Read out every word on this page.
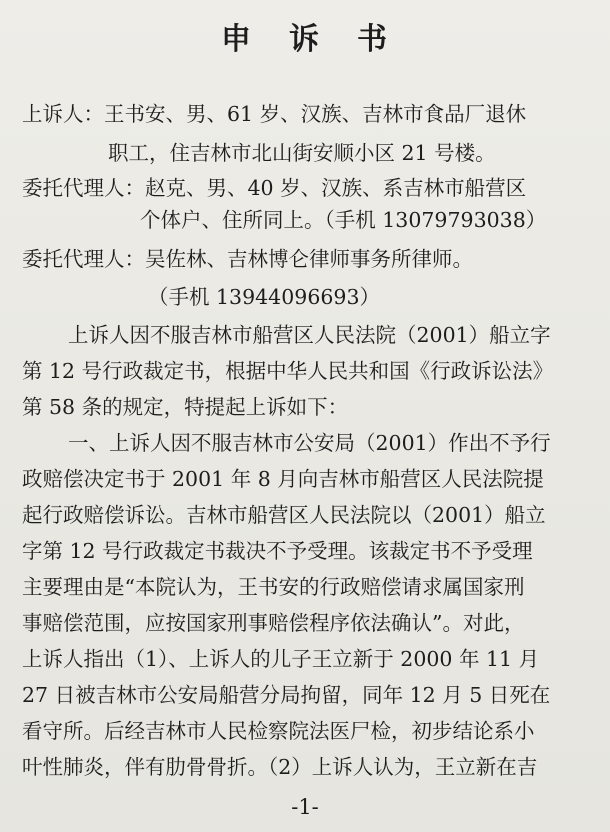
申 诉 书
上诉人：王书安、男、61 岁、汉族、吉林市食品厂退休
职工，住吉林市北山街安顺小区 21 号楼。
委托代理人：赵克、男、40 岁、汉族、系吉林市船营区
个体户、住所同上。（手机 13079793038）
委托代理人：吴佐林、吉林博仑律师事务所律师。
（手机 13944096693）
上诉人因不服吉林市船营区人民法院（2001）船立字
第 12 号行政裁定书，根据中华人民共和国《行政诉讼法》
第 58 条的规定，特提起上诉如下：
一、上诉人因不服吉林市公安局（2001）作出不予行
政赔偿决定书于 2001 年 8 月向吉林市船营区人民法院提
起行政赔偿诉讼。吉林市船营区人民法院以（2001）船立
字第 12 号行政裁定书裁决不予受理。该裁定书不予受理
主要理由是“本院认为，王书安的行政赔偿请求属国家刑
事赔偿范围，应按国家刑事赔偿程序依法确认”。对此，
上诉人指出（1）、上诉人的儿子王立新于 2000 年 11 月
27 日被吉林市公安局船营分局拘留，同年 12 月 5 日死在
看守所。后经吉林市人民检察院法医尸检，初步结论系小
叶性肺炎，伴有肋骨骨折。（2）上诉人认为，王立新在吉
-1-
